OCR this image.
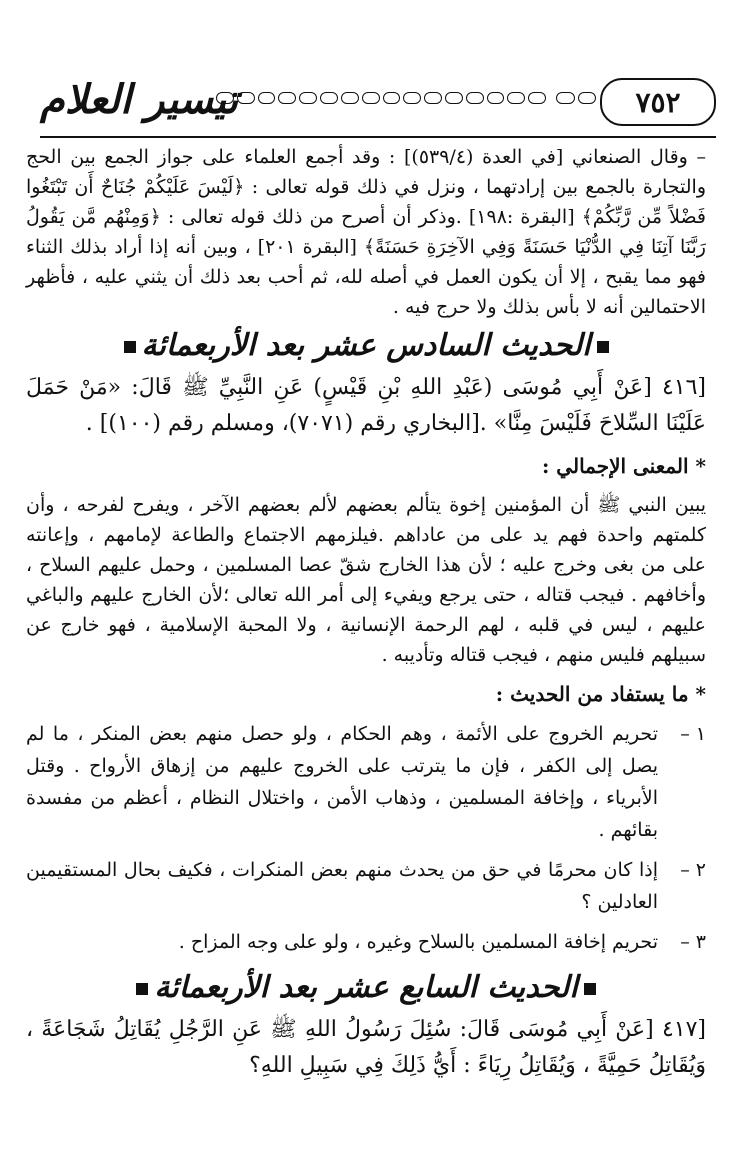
٧٥٢
تيسير العلام

– وقال الصنعاني [في العدة (٥٣٩/٤)] : وقد أجمع العلماء على جواز الجمع بين الحج والتجارة بالجمع بين إرادتهما ، ونزل في ذلك قوله تعالى : ﴿لَيْسَ عَلَيْكُمْ جُنَاحٌ أَن تَبْتَغُوا فَضْلاً مِّن رَّبِّكُمْ﴾ [البقرة :١٩٨] .وذكر أن أصرح من ذلك قوله تعالى : ﴿وَمِنْهُم مَّن يَقُولُ رَبَّنَا آتِنَا فِي الدُّنْيَا حَسَنَةً وَفِي الآخِرَةِ حَسَنَةً﴾ [البقرة ٢٠١] ، وبين أنه إذا أراد بذلك الثناء فهو مما يقبح ، إلا أن يكون العمل في أصله لله، ثم أحب بعد ذلك أن يثني عليه ، فأظهر الاحتمالين أنه لا بأس بذلك ولا حرج فيه .

الحديث السادس عشر بعد الأربعمائة

[٤١٦ [عَنْ أَبِي مُوسَى (عَبْدِ اللهِ بْنِ قَيْسٍ) عَنِ النَّبِيِّ ﷺ قَالَ: «مَنْ حَمَلَ عَلَيْنَا السِّلاحَ فَلَيْسَ مِنَّا» .[البخاري رقم (٧٠٧١)، ومسلم رقم (١٠٠)] .

* المعنى الإجمالي :

يبين النبي ﷺ أن المؤمنين إخوة يتألم بعضهم لألم بعضهم الآخر ، ويفرح لفرحه ، وأن كلمتهم واحدة فهم يد على من عاداهم .فيلزمهم الاجتماع والطاعة لإمامهم ، وإعانته على من بغى وخرج عليه ؛ لأن هذا الخارج شقّ عصا المسلمين ، وحمل عليهم السلاح ، وأخافهم . فيجب قتاله ، حتى يرجع ويفيء إلى أمر الله تعالى ؛لأن الخارج عليهم والباغي عليهم ، ليس في قلبه ، لهم الرحمة الإنسانية ، ولا المحبة الإسلامية ، فهو خارج عن سبيلهم فليس منهم ، فيجب قتاله وتأديبه .

* ما يستفاد من الحديث :
١ –
تحريم الخروج على الأئمة ، وهم الحكام ، ولو حصل منهم بعض المنكر ، ما لم يصل إلى الكفر ، فإن ما يترتب على الخروج عليهم من إزهاق الأرواح . وقتل الأبرياء ، وإخافة المسلمين ، وذهاب الأمن ، واختلال النظام ، أعظم من مفسدة بقائهم .
٢ –
إذا كان محرمًا في حق من يحدث منهم بعض المنكرات ، فكيف بحال المستقيمين العادلين ؟
٣ –
تحريم إخافة المسلمين بالسلاح وغيره ، ولو على وجه المزاح .
الحديث السابع عشر بعد الأربعمائة

[٤١٧ [عَنْ أَبِي مُوسَى قَالَ: سُئِلَ رَسُولُ اللهِ ﷺ عَنِ الرَّجُلِ يُقَاتِلُ شَجَاعَةً ، وَيُقَاتِلُ حَمِيَّةً ، وَيُقَاتِلُ رِيَاءً : أَيُّ ذَلِكَ فِي سَبِيلِ اللهِ؟
